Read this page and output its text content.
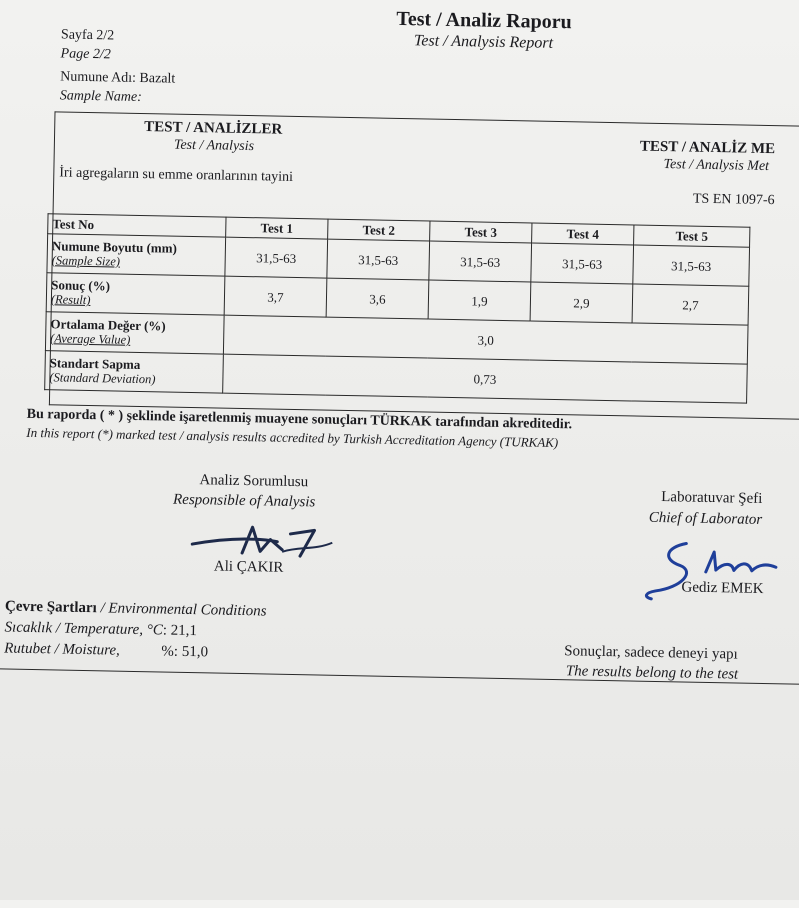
Test / Analiz Raporu
Test / Analysis Report
Sayfa 2/2
Page 2/2
Numune Adı: Bazalt
Sample Name:
TEST / ANALİZLER
Test / Analysis	TEST / ANALİZ ME
Test / Analysis Met
İri agregaların su emme oranlarının tayini
TS EN 1097-6
Test No	Test 1	Test 2	Test 3	Test 4	Test 5

Numune Boyutu (mm)
(Sample Size)	31,5-63	31,5-63	31,5-63	31,5-63	31,5-63

Sonuç (%)
(Result)	3,7	3,6	1,9	2,9	2,7

Ortalama Değer (%)
(Average Value)	3,0				

Standart Sapma
(Standard Deviation)	0,73				
Bu raporda ( * ) şeklinde işaretlenmiş muayene sonuçları TÜRKAK tarafından akreditedir.
In this report (*) marked test / analysis results accredited by Turkish Accreditation Agency (TURKAK)
Analiz Sorumlusu
Responsible of Analysis
Ali ÇAKIR
Laboratuvar Şefi
Chief of Laborator
Gediz EMEK
Çevre Şartları / Environmental Conditions
Sıcaklık / Temperature, °C: 21,1
Rutubet / Moisture,	%: 51,0	Sonuçlar, sadece deneyi yapı
The results belong to the test
